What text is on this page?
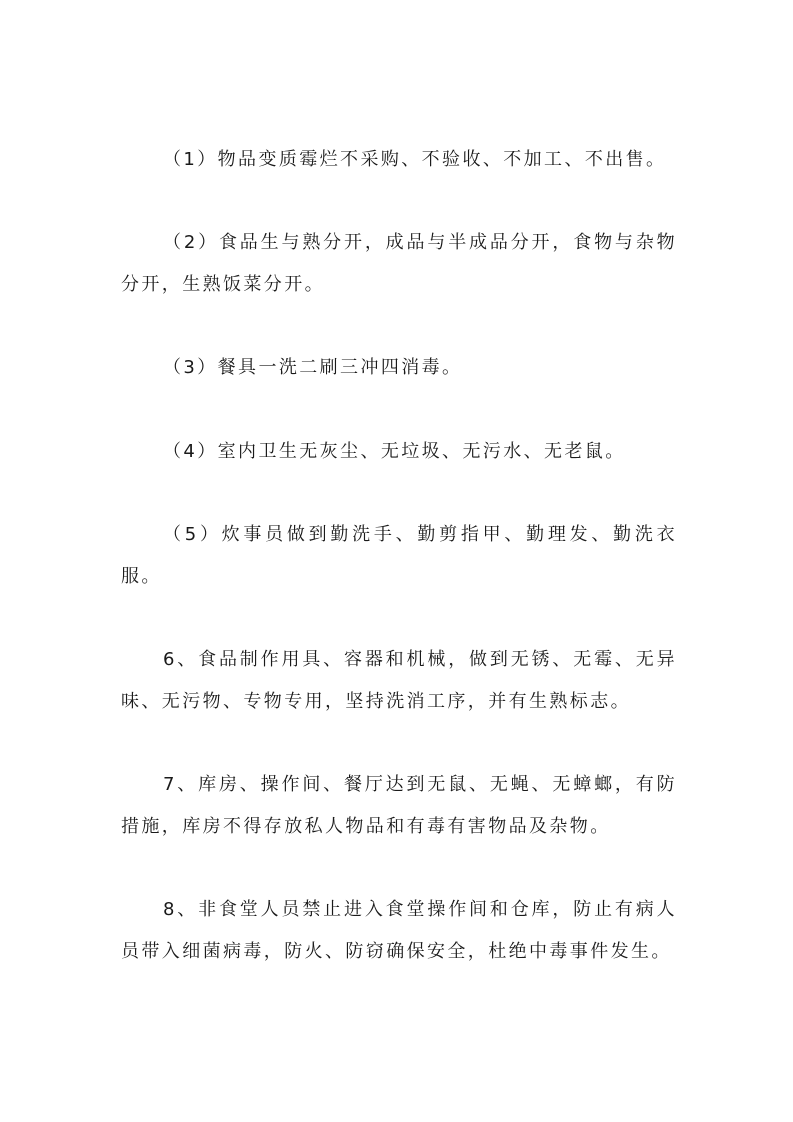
（1）物品变质霉烂不采购、不验收、不加工、不出售。

（2）食品生与熟分开，成品与半成品分开，食物与杂物分开，生熟饭菜分开。

（3）餐具一洗二刷三冲四消毒。

（4）室内卫生无灰尘、无垃圾、无污水、无老鼠。

（5）炊事员做到勤洗手、勤剪指甲、勤理发、勤洗衣服。

6、食品制作用具、容器和机械，做到无锈、无霉、无异味、无污物、专物专用，坚持洗消工序，并有生熟标志。

7、库房、操作间、餐厅达到无鼠、无蝇、无蟑螂，有防措施，库房不得存放私人物品和有毒有害物品及杂物。

8、非食堂人员禁止进入食堂操作间和仓库，防止有病人员带入细菌病毒，防火、防窃确保安全，杜绝中毒事件发生。
